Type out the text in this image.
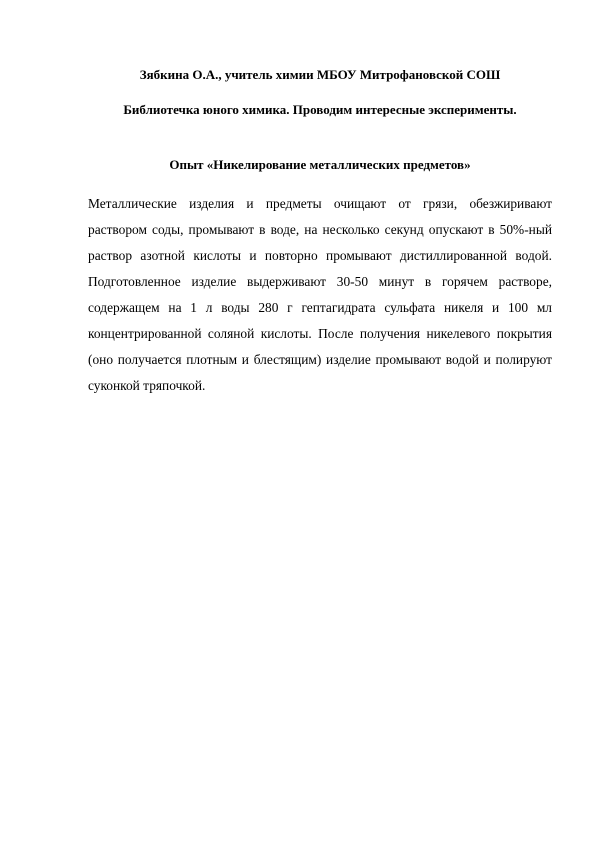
Зябкина О.А., учитель химии МБОУ Митрофановской СОШ

Библиотечка юного химика. Проводим интересные эксперименты.

Опыт «Никелирование металлических предметов»

Металлические изделия и предметы очищают от грязи, обезжиривают
раствором соды, промывают в воде, на несколько секунд опускают в 50%-ный
раствор азотной кислоты и повторно промывают дистиллированной водой.
Подготовленное изделие выдерживают 30-50 минут в горячем растворе,
содержащем на 1 л воды 280 г гептагидрата сульфата никеля и 100 мл
концентрированной соляной кислоты. После получения никелевого покрытия
(оно получается плотным и блестящим) изделие промывают водой и полируют
суконкой тряпочкой.
